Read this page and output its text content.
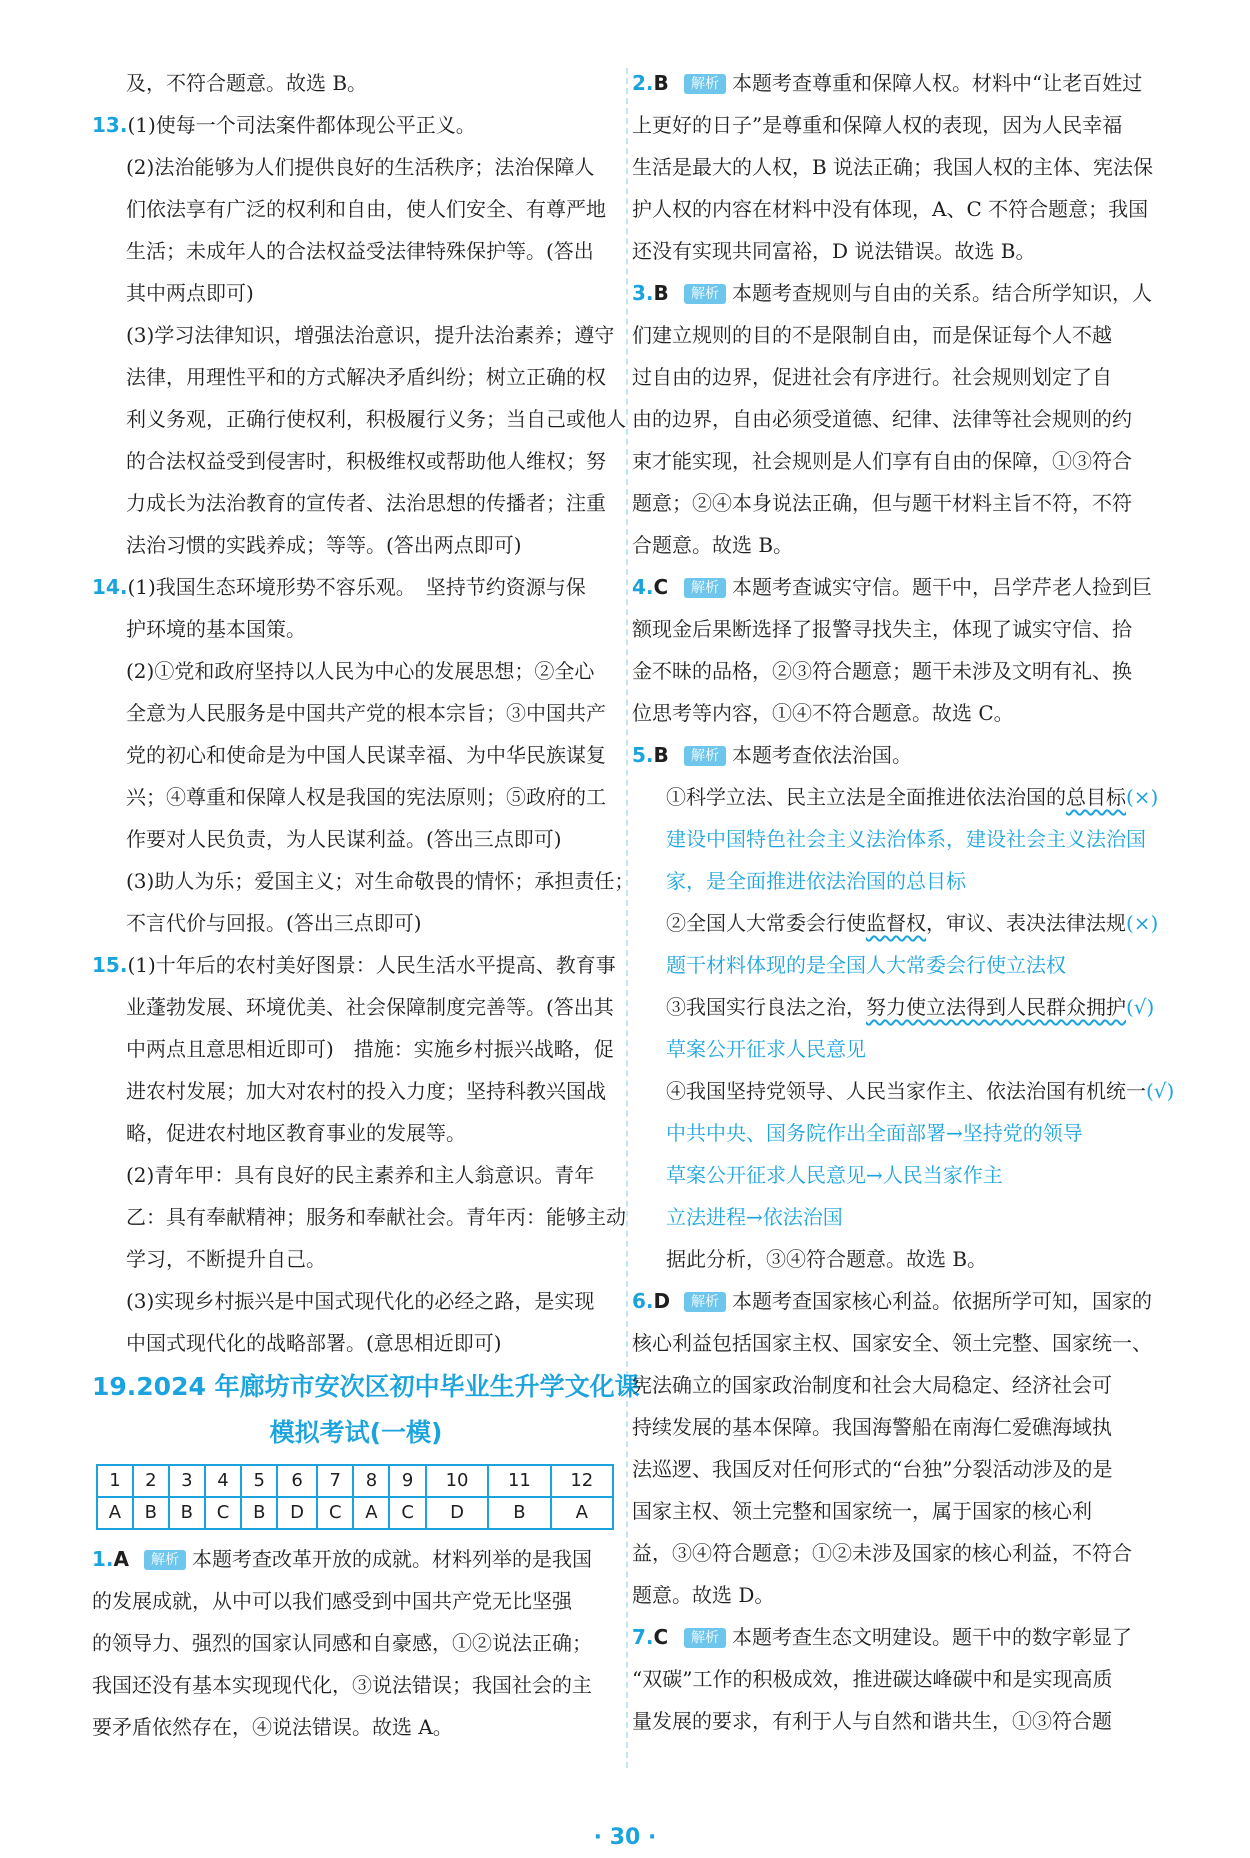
及，不符合题意。故选 B。
13.(1)使每一个司法案件都体现公平正义。
(2)法治能够为人们提供良好的生活秩序；法治保障人
们依法享有广泛的权利和自由，使人们安全、有尊严地
生活；未成年人的合法权益受法律特殊保护等。(答出
其中两点即可)
(3)学习法律知识，增强法治意识，提升法治素养；遵守
法律，用理性平和的方式解决矛盾纠纷；树立正确的权
利义务观，正确行使权利，积极履行义务；当自己或他人
的合法权益受到侵害时，积极维权或帮助他人维权；努
力成长为法治教育的宣传者、法治思想的传播者；注重
法治习惯的实践养成；等等。(答出两点即可)
14.(1)我国生态环境形势不容乐观。　坚持节约资源与保
护环境的基本国策。
(2)①党和政府坚持以人民为中心的发展思想；②全心
全意为人民服务是中国共产党的根本宗旨；③中国共产
党的初心和使命是为中国人民谋幸福、为中华民族谋复
兴；④尊重和保障人权是我国的宪法原则；⑤政府的工
作要对人民负责，为人民谋利益。(答出三点即可)
(3)助人为乐；爱国主义；对生命敬畏的情怀；承担责任；
不言代价与回报。(答出三点即可)
15.(1)十年后的农村美好图景：人民生活水平提高、教育事
业蓬勃发展、环境优美、社会保障制度完善等。(答出其
中两点且意思相近即可)　措施：实施乡村振兴战略，促
进农村发展；加大对农村的投入力度；坚持科教兴国战
略，促进农村地区教育事业的发展等。
(2)青年甲：具有良好的民主素养和主人翁意识。青年
乙：具有奉献精神；服务和奉献社会。青年丙：能够主动
学习，不断提升自己。
(3)实现乡村振兴是中国式现代化的必经之路，是实现
中国式现代化的战略部署。(意思相近即可)
19.2024 年廊坊市安次区初中毕业生升学文化课
模拟考试(一模)
1	2	3	4	5	6	7	8	9	10	11	12
A	B	B	C	B	D	C	A	C	D	B	A
1.A 解析 本题考查改革开放的成就。材料列举的是我国
的发展成就，从中可以我们感受到中国共产党无比坚强
的领导力、强烈的国家认同感和自豪感，①②说法正确；
我国还没有基本实现现代化，③说法错误；我国社会的主
要矛盾依然存在，④说法错误。故选 A。
2.B 解析 本题考查尊重和保障人权。材料中“让老百姓过
上更好的日子”是尊重和保障人权的表现，因为人民幸福
生活是最大的人权，B 说法正确；我国人权的主体、宪法保
护人权的内容在材料中没有体现，A、C 不符合题意；我国
还没有实现共同富裕，D 说法错误。故选 B。
3.B 解析 本题考查规则与自由的关系。结合所学知识，人
们建立规则的目的不是限制自由，而是保证每个人不越
过自由的边界，促进社会有序进行。社会规则划定了自
由的边界，自由必须受道德、纪律、法律等社会规则的约
束才能实现，社会规则是人们享有自由的保障，①③符合
题意；②④本身说法正确，但与题干材料主旨不符，不符
合题意。故选 B。
4.C 解析 本题考查诚实守信。题干中，吕学芹老人捡到巨
额现金后果断选择了报警寻找失主，体现了诚实守信、拾
金不昧的品格，②③符合题意；题干未涉及文明有礼、换
位思考等内容，①④不符合题意。故选 C。
5.B 解析 本题考查依法治国。
①科学立法、民主立法是全面推进依法治国的总目标(×)
建设中国特色社会主义法治体系，建设社会主义法治国
家，是全面推进依法治国的总目标
②全国人大常委会行使监督权，审议、表决法律法规(×)
题干材料体现的是全国人大常委会行使立法权
③我国实行良法之治，努力使立法得到人民群众拥护(√)
草案公开征求人民意见
④我国坚持党领导、人民当家作主、依法治国有机统一(√)
中共中央、国务院作出全面部署→坚持党的领导
草案公开征求人民意见→人民当家作主
立法进程→依法治国
据此分析，③④符合题意。故选 B。
6.D 解析 本题考查国家核心利益。依据所学可知，国家的
核心利益包括国家主权、国家安全、领土完整、国家统一、
宪法确立的国家政治制度和社会大局稳定、经济社会可
持续发展的基本保障。我国海警船在南海仁爱礁海域执
法巡逻、我国反对任何形式的“台独”分裂活动涉及的是
国家主权、领土完整和国家统一，属于国家的核心利
益，③④符合题意；①②未涉及国家的核心利益，不符合
题意。故选 D。
7.C 解析 本题考查生态文明建设。题干中的数字彰显了
“双碳”工作的积极成效，推进碳达峰碳中和是实现高质
量发展的要求，有利于人与自然和谐共生，①③符合题
· 30 ·
